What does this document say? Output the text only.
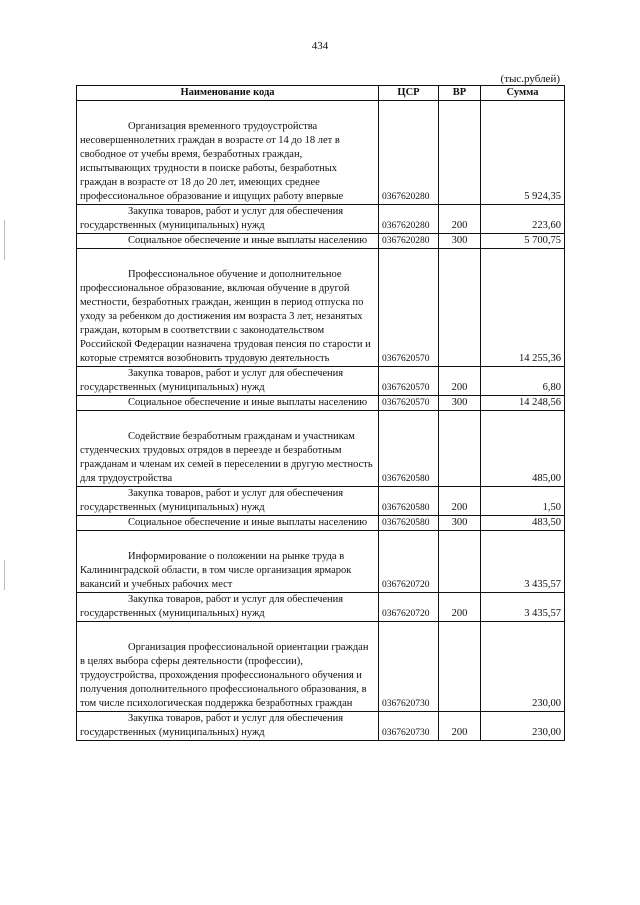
434
(тыс.рублей)
Наименование кода	ЦСР	ВР	Сумма
Организация временного трудоустройства несовершеннолетних граждан в возрасте от 14 до 18 лет в свободное от учебы время, безработных граждан, испытывающих трудности в поиске работы, безработных граждан в возрасте от 18 до 20 лет, имеющих среднее профессиональное образование и ищущих работу впервые	0367620280		5 924,35
Закупка товаров, работ и услуг для обеспечения государственных (муниципальных) нужд	0367620280	200	223,60
Социальное обеспечение и иные выплаты населению	0367620280	300	5 700,75
Профессиональное обучение и дополнительное профессиональное образование, включая обучение в другой местности, безработных граждан, женщин в период отпуска по уходу за ребенком до достижения им возраста 3 лет, незанятых граждан, которым в соответствии с законодательством Российской Федерации назначена трудовая пенсия по старости и которые стремятся возобновить трудовую деятельность	0367620570		14 255,36
Закупка товаров, работ и услуг для обеспечения государственных (муниципальных) нужд	0367620570	200	6,80
Социальное обеспечение и иные выплаты населению	0367620570	300	14 248,56
Содействие безработным гражданам и участникам студенческих трудовых отрядов в переезде и безработным гражданам и членам их семей в переселении в другую местность для трудоустройства	0367620580		485,00
Закупка товаров, работ и услуг для обеспечения государственных (муниципальных) нужд	0367620580	200	1,50
Социальное обеспечение и иные выплаты населению	0367620580	300	483,50
Информирование о положении на рынке труда в Калининградской области, в том числе организация ярмарок вакансий и учебных рабочих мест	0367620720		3 435,57
Закупка товаров, работ и услуг для обеспечения государственных (муниципальных) нужд	0367620720	200	3 435,57
Организация профессиональной ориентации граждан в целях выбора сферы деятельности (профессии), трудоустройства, прохождения профессионального обучения и получения дополнительного профессионального образования, в том числе психологическая поддержка безработных граждан	0367620730		230,00
Закупка товаров, работ и услуг для обеспечения государственных (муниципальных) нужд	0367620730	200	230,00
